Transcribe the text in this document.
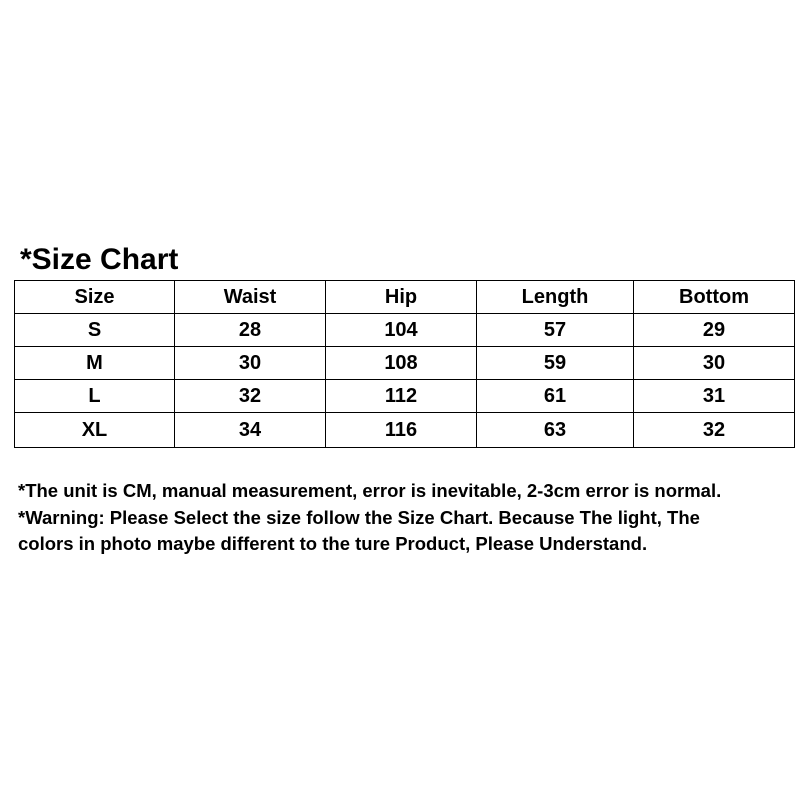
*Size Chart
Size	Waist	Hip	Length	Bottom
S	28	104	57	29
M	30	108	59	30
L	32	112	61	31
XL	34	116	63	32

*The unit is CM, manual measurement, error is inevitable, 2-3cm error is normal.

*Warning: Please Select the size follow the Size Chart. Because The light, The

colors in photo maybe different to the ture Product, Please Understand.
